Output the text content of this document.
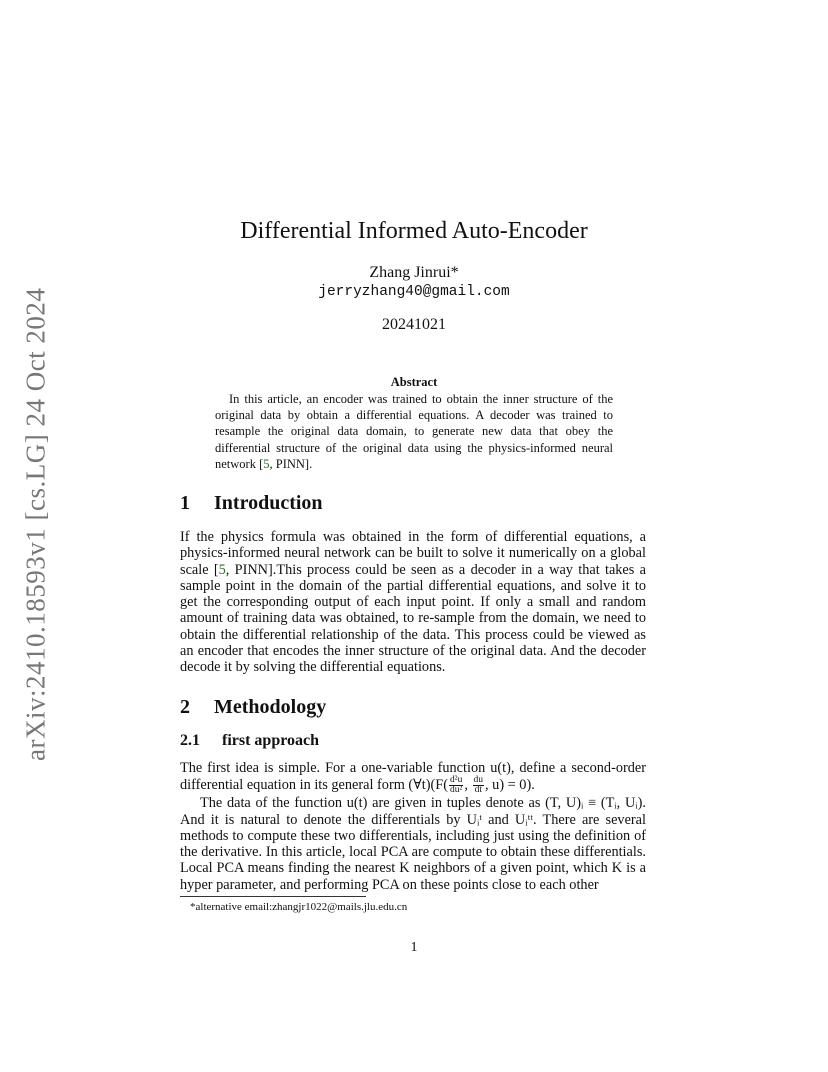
arXiv:2410.18593v1 [cs.LG] 24 Oct 2024
Differential Informed Auto-Encoder
Zhang Jinrui*
jerryzhang40@gmail.com
20241021
Abstract
In this article, an encoder was trained to obtain the inner structure of the original data by obtain a differential equations. A decoder was trained to resample the original data domain, to generate new data that obey the differential structure of the original data using the physics-informed neural network [5, PINN].
1 Introduction
If the physics formula was obtained in the form of differential equations, a physics-informed neural network can be built to solve it numerically on a global scale [5, PINN].This process could be seen as a decoder in a way that takes a sample point in the domain of the partial differential equations, and solve it to get the corresponding output of each input point. If only a small and random amount of training data was obtained, to re-sample from the domain, we need to obtain the differential relationship of the data. This process could be viewed as an encoder that encodes the inner structure of the original data. And the decoder decode it by solving the differential equations.
2 Methodology
2.1 first approach
The first idea is simple. For a one-variable function u(t), define a second-order differential equation in its general form (∀t)(F( $\frac{\text{d²u}}{\text{du²}}$ , $\frac{du}{dt}$ , u) = 0).
The data of the function u(t) are given in tuples denote as (T, U)ᵢ ≡ (Tᵢ, Uᵢ). And it is natural to denote the differentials by Uᵢᵗ and Uᵢᵗᵗ. There are several methods to compute these two differentials, including just using the definition of the derivative. In this article, local PCA are compute to obtain these differentials. Local PCA means finding the nearest K neighbors of a given point, which K is a hyper parameter, and performing PCA on these points close to each other
*alternative email:zhangjr1022@mails.jlu.edu.cn
1
